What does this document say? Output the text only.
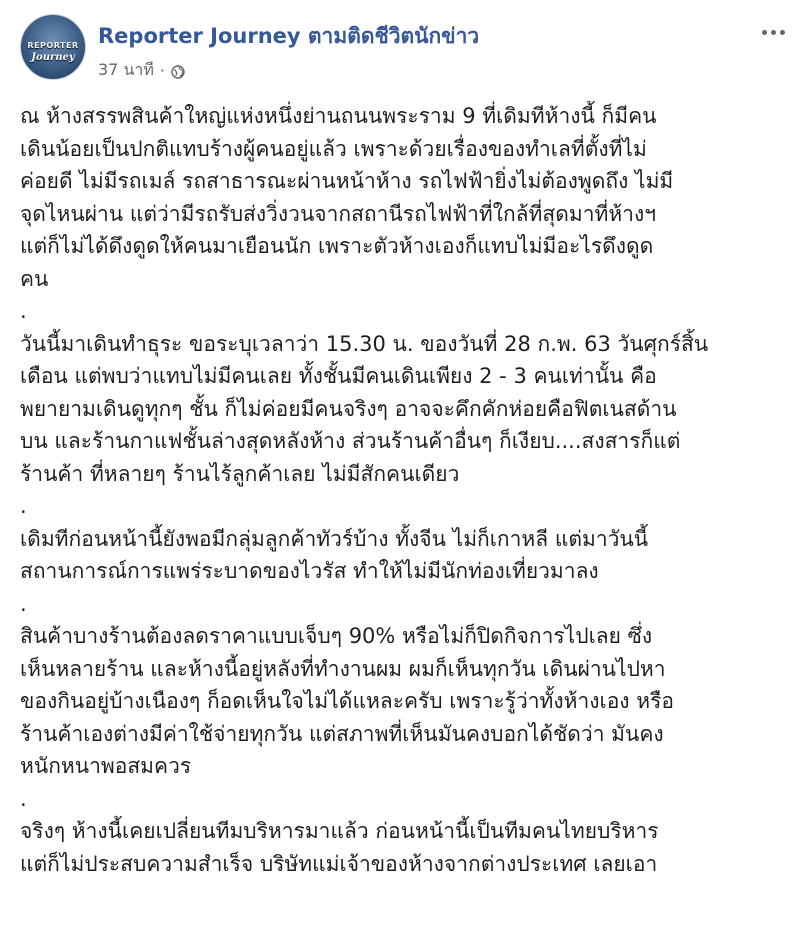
REPORTER
Journey
Reporter Journey ตามติดชีวิตนักข่าว
37 นาที ·

ณ ห้างสรรพสินค้าใหญ่แห่งหนึ่งย่านถนนพระราม 9 ที่เดิมทีห้างนี้ ก็มีคน
เดินน้อยเป็นปกติแทบร้างผู้คนอยู่แล้ว เพราะด้วยเรื่องของทำเลที่ตั้งที่ไม่
ค่อยดี ไม่มีรถเมล์ รถสาธารณะผ่านหน้าห้าง รถไฟฟ้ายิ่งไม่ต้องพูดถึง ไม่มี
จุดไหนผ่าน แต่ว่ามีรถรับส่งวิ่งวนจากสถานีรถไฟฟ้าที่ใกล้ที่สุดมาที่ห้างฯ
แต่ก็ไม่ได้ดึงดูดให้คนมาเยือนนัก เพราะตัวห้างเองก็แทบไม่มีอะไรดึงดูด
คน

.

วันนี้มาเดินทำธุระ ขอระบุเวลาว่า 15.30 น. ของวันที่ 28 ก.พ. 63 วันศุกร์สิ้น
เดือน แต่พบว่าแทบไม่มีคนเลย ทั้งชั้นมีคนเดินเพียง 2 - 3 คนเท่านั้น คือ
พยายามเดินดูทุกๆ ชั้น ก็ไม่ค่อยมีคนจริงๆ อาจจะคึกคักห่อยคือฟิตเนสด้าน
บน และร้านกาแฟชั้นล่างสุดหลังห้าง ส่วนร้านค้าอื่นๆ ก็เงียบ....สงสารก็แต่
ร้านค้า ที่หลายๆ ร้านไร้ลูกค้าเลย ไม่มีสักคนเดียว

.

เดิมทีก่อนหน้านี้ยังพอมีกลุ่มลูกค้าทัวร์บ้าง ทั้งจีน ไม่ก็เกาหลี แต่มาวันนี้
สถานการณ์การแพร่ระบาดของไวรัส ทำให้ไม่มีนักท่องเที่ยวมาลง

.

สินค้าบางร้านต้องลดราคาแบบเจ็บๆ 90% หรือไม่ก็ปิดกิจการไปเลย ซึ่ง
เห็นหลายร้าน และห้างนี้อยู่หลังที่ทำงานผม ผมก็เห็นทุกวัน เดินผ่านไปหา
ของกินอยู่บ้างเนืองๆ ก็อดเห็นใจไม่ได้แหละครับ เพราะรู้ว่าทั้งห้างเอง หรือ
ร้านค้าเองต่างมีค่าใช้จ่ายทุกวัน แต่สภาพที่เห็นมันคงบอกได้ชัดว่า มันคง
หนักหนาพอสมควร

.

จริงๆ ห้างนี้เคยเปลี่ยนทีมบริหารมาแล้ว ก่อนหน้านี้เป็นทีมคนไทยบริหาร
แต่ก็ไม่ประสบความสำเร็จ บริษัทแม่เจ้าของห้างจากต่างประเทศ เลยเอา
